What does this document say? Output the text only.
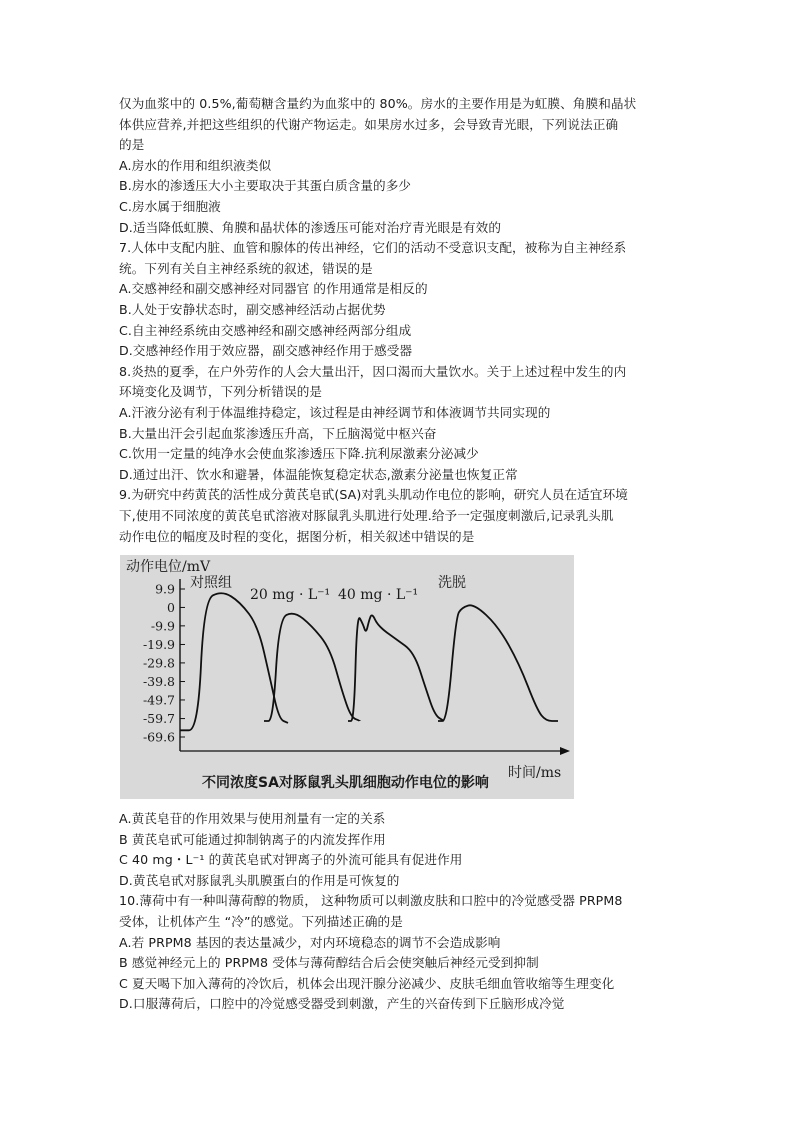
仅为血浆中的 0.5%,葡萄糖含量约为血浆中的 80%。房水的主要作用是为虹膜、角膜和晶状
体供应营养,并把这些组织的代谢产物运走。如果房水过多，会导致青光眼，下列说法正确
的是
A.房水的作用和组织液类似
B.房水的渗透压大小主要取决于其蛋白质含量的多少
C.房水属于细胞液
D.适当降低虹膜、角膜和晶状体的渗透压可能对治疗青光眼是有效的
7.人体中支配内脏、血管和腺体的传出神经，它们的活动不受意识支配，被称为自主神经系
统。下列有关自主神经系统的叙述，错误的是
A.交感神经和副交感神经对同器官 的作用通常是相反的
B.人处于安静状态时，副交感神经活动占据优势
C.自主神经系统由交感神经和副交感神经两部分组成
D.交感神经作用于效应器，副交感神经作用于感受器
8.炎热的夏季，在户外劳作的人会大量出汗，因口渴而大量饮水。关于上述过程中发生的内
环境变化及调节，下列分析错误的是
A.汗液分泌有利于体温维持稳定，该过程是由神经调节和体液调节共同实现的
B.大量出汗会引起血浆渗透压升高，下丘脑渴觉中枢兴奋
C.饮用一定量的纯净水会使血浆渗透压下降.抗利尿激素分泌减少
D.通过出汗、饮水和避暑，体温能恢复稳定状态,激素分泌量也恢复正常
9.为研究中药黄芪的活性成分黄芪皂甙(SA)对乳头肌动作电位的影响，研究人员在适宜环境
下,使用不同浓度的黄芪皂甙溶液对豚鼠乳头肌进行处理.给予一定强度刺激后,记录乳头肌
动作电位的幅度及时程的变化，据图分析，相关叙述中错误的是
动作电位/mV
9.9
0
-9.9
-19.9
-29.8
-39.8
-49.7
-59.7
-69.6
对照组
20 mg · L⁻¹ 40 mg · L⁻¹
洗脱
不同浓度SA对豚鼠乳头肌细胞动作电位的影响
时间/ms
A.黄芪皂苷的作用效果与使用剂量有一定的关系
B 黄芪皂甙可能通过抑制钠离子的内流发挥作用
C 40 mg・L⁻¹ 的黄芪皂甙对钾离子的外流可能具有促进作用
D.黄芪皂甙对豚鼠乳头肌膜蛋白的作用是可恢复的
10.薄荷中有一种叫薄荷醇的物质， 这种物质可以刺激皮肤和口腔中的冷觉感受器 PRPM8
受体，让机体产生 “冷”的感觉。下列描述正确的是
A.若 PRPM8 基因的表达量减少，对内环境稳态的调节不会造成影响
B 感觉神经元上的 PRPM8 受体与薄荷醇结合后会使突触后神经元受到抑制
C 夏天喝下加入薄荷的冷饮后，机体会出现汗腺分泌减少、皮肤毛细血管收缩等生理变化
D.口服薄荷后，口腔中的冷觉感受器受到刺激，产生的兴奋传到下丘脑形成冷觉
